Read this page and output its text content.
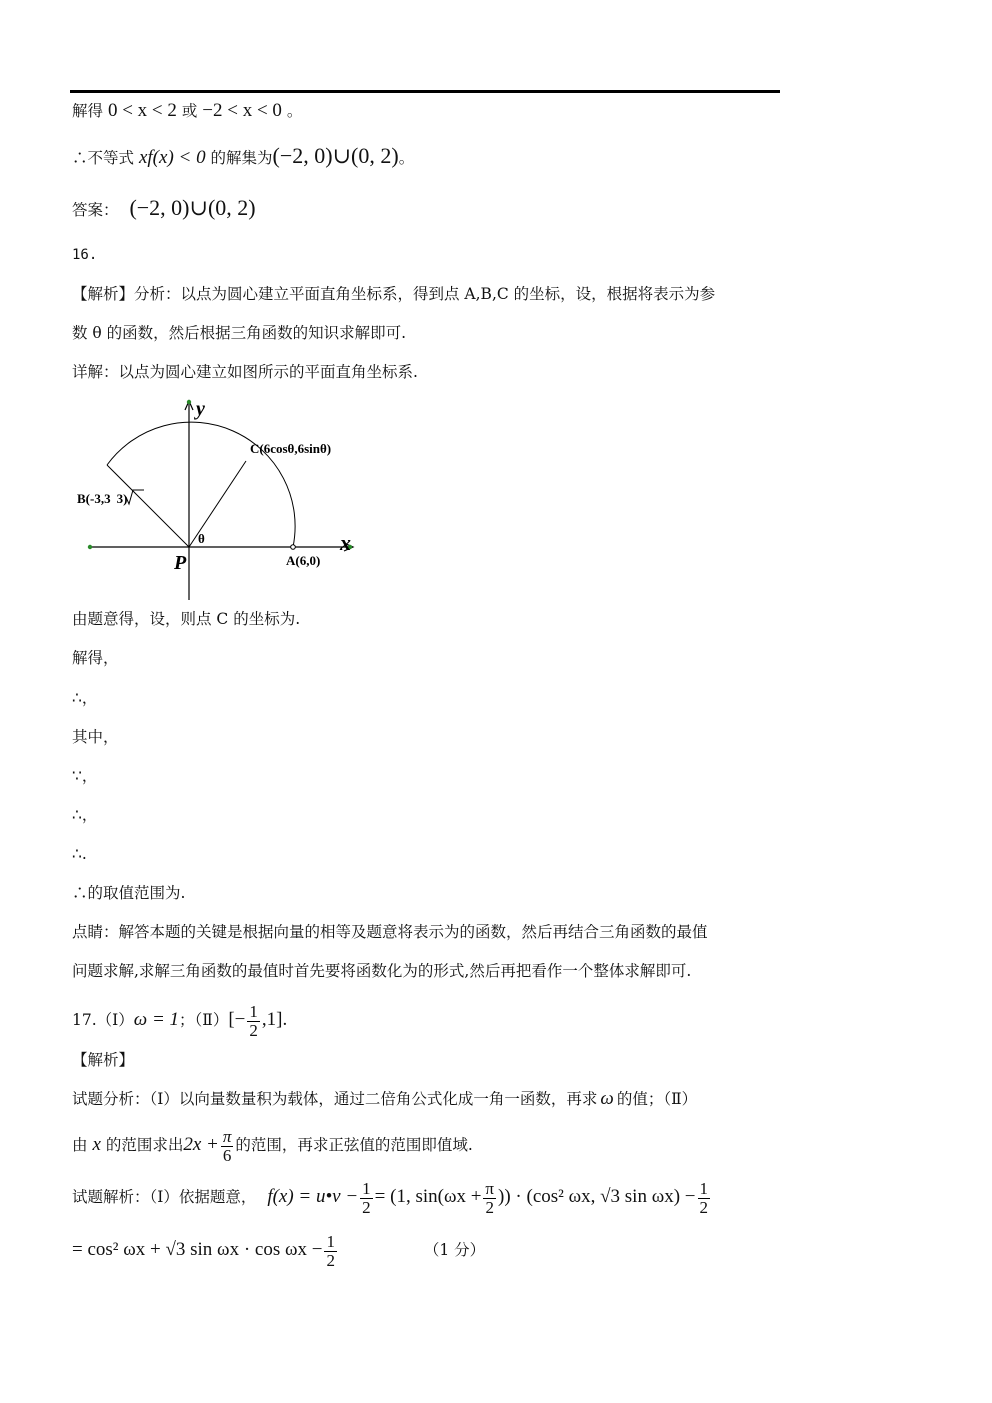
解得 0 < x < 2 或 −2 < x < 0 。
∴不等式 xf(x) < 0 的解集为(−2, 0)∪(0, 2)。
答案： (−2, 0)∪(0, 2)
16.
【解析】分析：以点为圆心建立平面直角坐标系，得到点 A,B,C 的坐标，设，根据将表示为参
数 θ 的函数，然后根据三角函数的知识求解即可.
详解：以点为圆心建立如图所示的平面直角坐标系.
y
x
P
θ
A(6,0)
C(6cosθ,6sinθ)
B(-3,3 3)
由题意得，设，则点 C 的坐标为.
解得，
∴，
其中，
∵，
∴，
∴.
∴的取值范围为.
点睛：解答本题的关键是根据向量的相等及题意将表示为的函数，然后再结合三角函数的最值
问题求解,求解三角函数的最值时首先要将函数化为的形式,然后再把看作一个整体求解即可.
17.（Ⅰ）ω = 1；（Ⅱ）[− $\frac{1}{2} ,1$].
【解析】
试题分析：（Ⅰ）以向量数量积为载体，通过二倍角公式化成一角一函数，再求 ω 的值；（Ⅱ）
由 x 的范围求出$2x + \frac{\pi}{6}$ 的范围，再求正弦值的范围即值域.
试题解析：（Ⅰ）依据题意， f(x) = u•v − $\frac{1}{2} = (1$, $\sin(\omega x + \frac{\pi}{2}$ )) · (cos² ωx, √3 $\sin \omega x) - \frac{1}{2}$
= cos² ωx + √3 $\sin \omega x \cdot \cos \omega x - \frac{1}{2}$	（1 分）
